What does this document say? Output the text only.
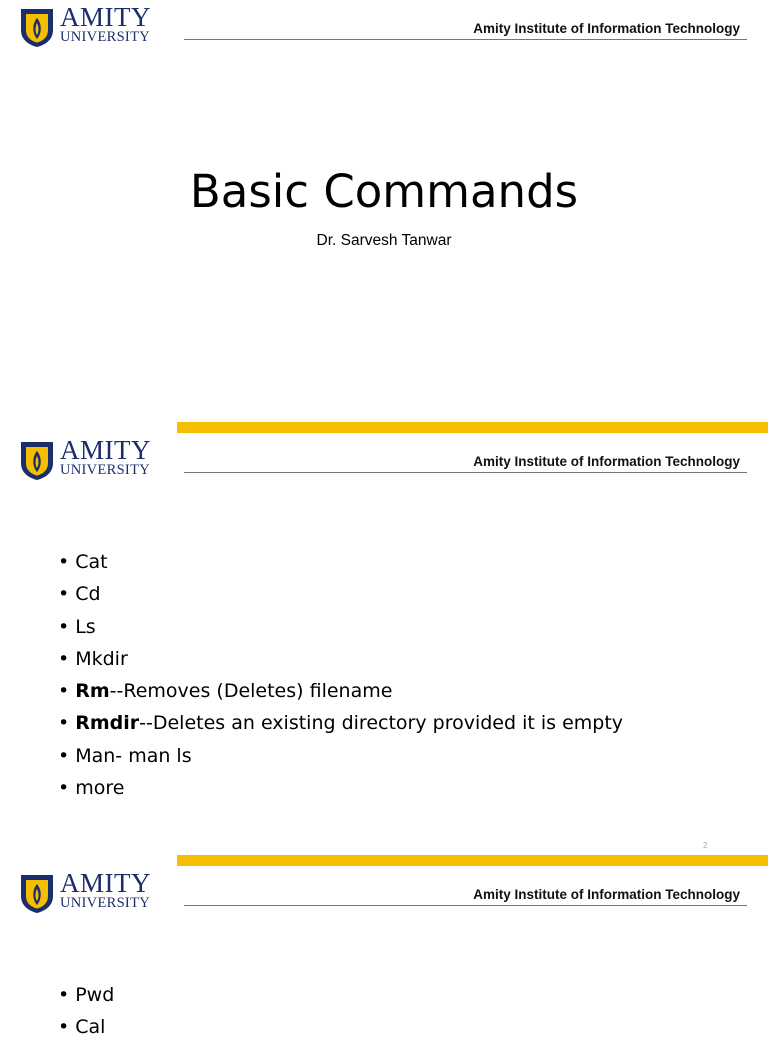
AMITY
UNIVERSITY
Amity Institute of Information Technology
Basic Commands
Dr. Sarvesh Tanwar
AMITY
UNIVERSITY
Amity Institute of Information Technology
• Cat
• Cd
• Ls
• Mkdir
• Rm--Removes (Deletes) filename
• Rmdir--Deletes an existing directory provided it is empty
• Man- man ls
• more
2
AMITY
UNIVERSITY
Amity Institute of Information Technology
• Pwd
• Cal
